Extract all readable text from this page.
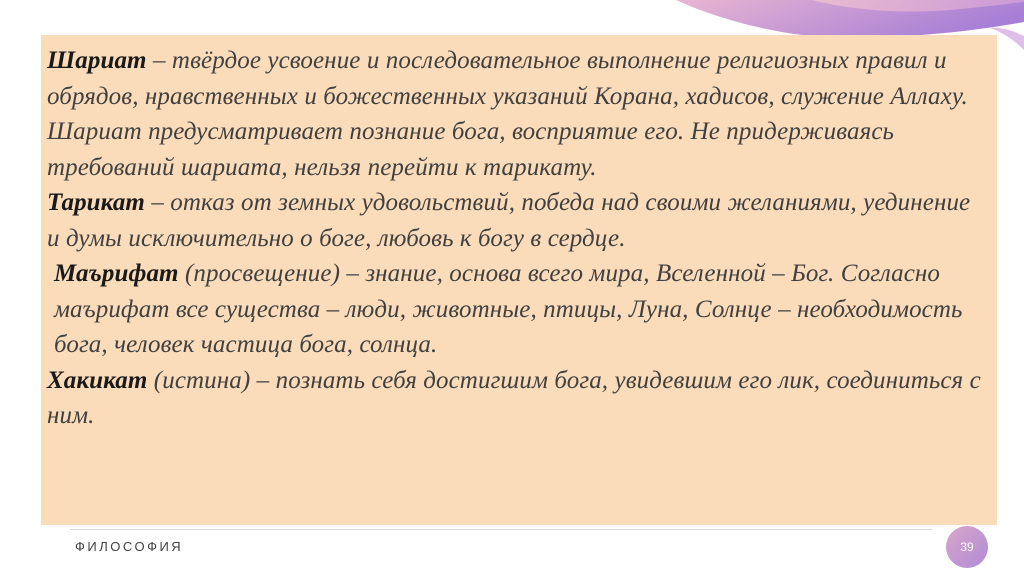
Шариат – твёрдое усвоение и последовательное выполнение религиозных правил и обрядов, нравственных и божественных указаний Корана, хадисов, служение Аллаху. Шариат предусматривает познание бога, восприятие его. Не придерживаясь требований шариата, нельзя перейти к тарикату.

Тарикат – отказ от земных удовольствий, победа над своими желаниями, уединение и думы исключительно о боге, любовь к богу в сердце.

Маърифат (просвещение) – знание, основа всего мира, Вселенной – Бог. Согласно маърифат все существа – люди, животные, птицы, Луна, Солнце – необходимость бога, человек частица бога, солнца.

Хакикат (истина) – познать себя достигшим бога, увидевшим его лик, соединиться с ним.

ФИЛОСОФИЯ	39
